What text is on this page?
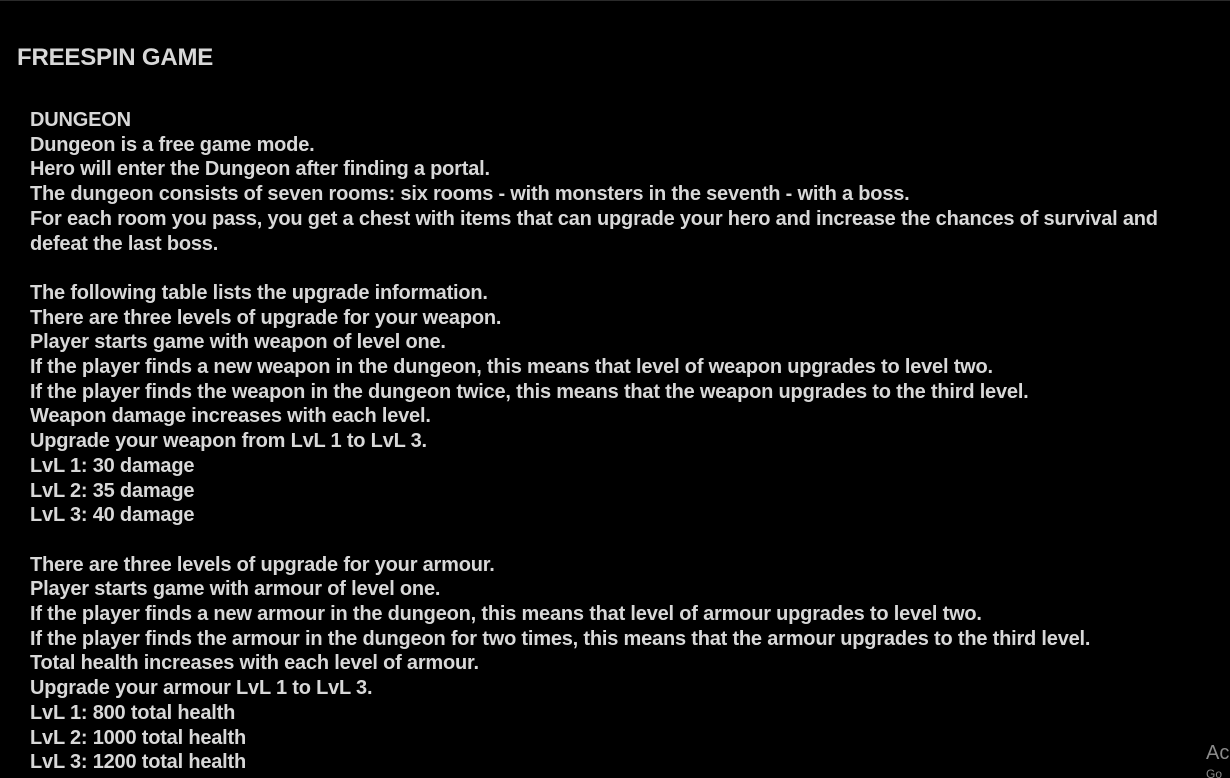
FREESPIN GAME
DUNGEON
Dungeon is a free game mode.
Hero will enter the Dungeon after finding a portal.
The dungeon consists of seven rooms: six rooms - with monsters in the seventh - with a boss.
For each room you pass, you get a chest with items that can upgrade your hero and increase the chances of survival and defeat the last boss.
The following table lists the upgrade information.
There are three levels of upgrade for your weapon.
Player starts game with weapon of level one.
If the player finds a new weapon in the dungeon, this means that level of weapon upgrades to level two.
If the player finds the weapon in the dungeon twice, this means that the weapon upgrades to the third level.
Weapon damage increases with each level.
Upgrade your weapon from LvL 1 to LvL 3.
LvL 1: 30 damage
LvL 2: 35 damage
LvL 3: 40 damage
There are three levels of upgrade for your armour.
Player starts game with armour of level one.
If the player finds a new armour in the dungeon, this means that level of armour upgrades to level two.
If the player finds the armour in the dungeon for two times, this means that the armour upgrades to the third level.
Total health increases with each level of armour.
Upgrade your armour LvL 1 to LvL 3.
LvL 1: 800 total health
LvL 2: 1000 total health
LvL 3: 1200 total health	Ac
Go
